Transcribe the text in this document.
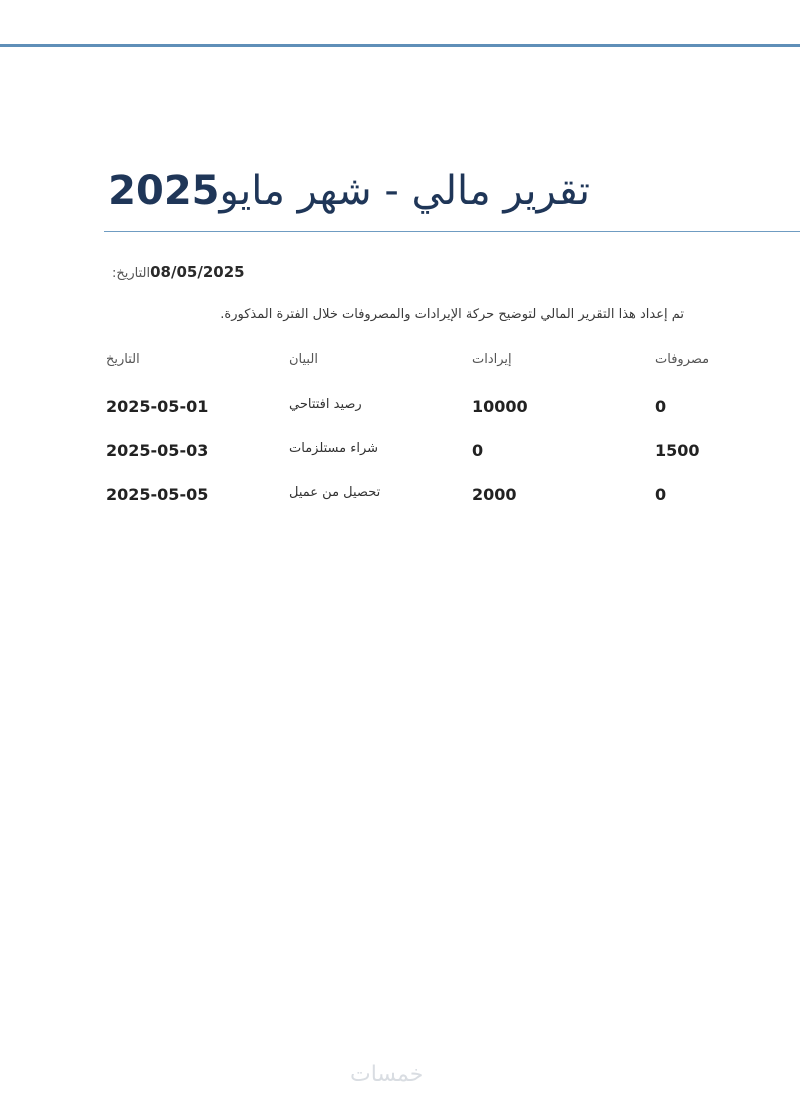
تقرير مالي - شهر مايو2025
التاريخ:08/05/2025

تم إعداد هذا التقرير المالي لتوضيح حركة الإيرادات والمصروفات خلال الفترة المذكورة.

التاريخ	البيان	إيرادات	مصروفات
2025-05-01	رصيد افتتاحي	10000	0
2025-05-03	شراء مستلزمات	0	1500
2025-05-05	تحصيل من عميل	2000	0
خمسات
